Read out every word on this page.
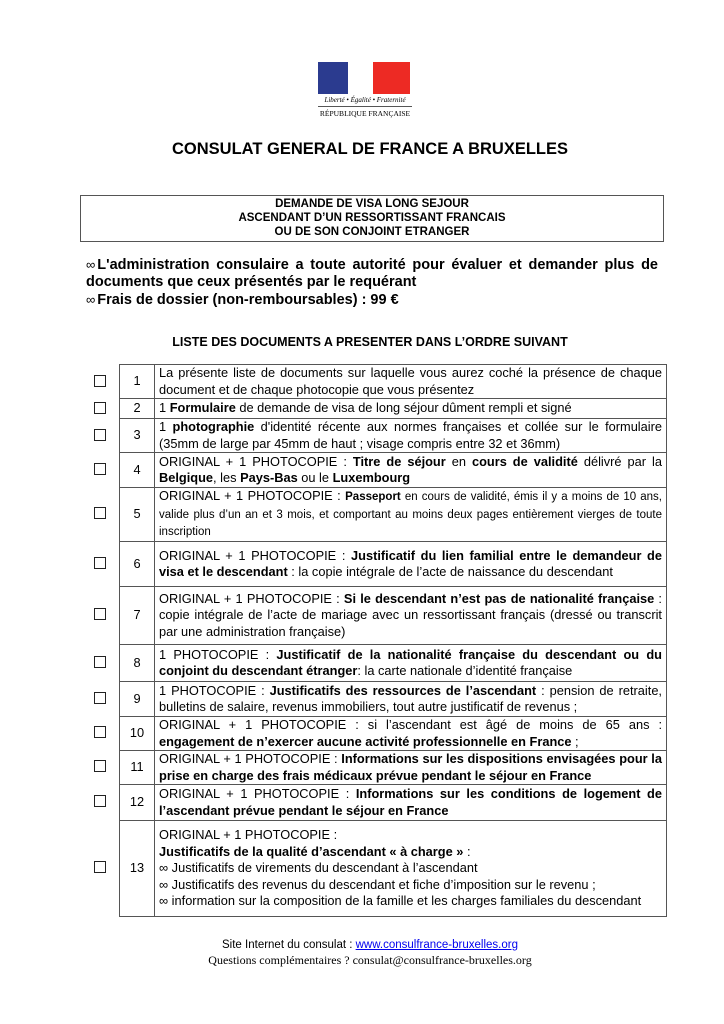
Liberté • Égalité • Fraternité
RÉPUBLIQUE FRANÇAISE
CONSULAT GENERAL DE FRANCE A BRUXELLES
DEMANDE DE VISA LONG SEJOUR
ASCENDANT D’UN RESSORTISSANT FRANCAIS
OU DE SON CONJOINT ETRANGER
∞ L'administration consulaire a toute autorité pour évaluer et demander plus de documents que ceux présentés par le requérant
∞ Frais de dossier (non-remboursables) : 99 €
LISTE DES DOCUMENTS A PRESENTER DANS L’ORDRE SUIVANT
1	La présente liste de documents sur laquelle vous aurez coché la présence de chaque document et de chaque photocopie que vous présentez
2	1 Formulaire de demande de visa de long séjour dûment rempli et signé
3	1 photographie d'identité récente aux normes françaises et collée sur le formulaire (35mm de large par 45mm de haut ; visage compris entre 32 et 36mm)
4	ORIGINAL + 1 PHOTOCOPIE : Titre de séjour en cours de validité délivré par la Belgique, les Pays-Bas ou le Luxembourg
5	ORIGINAL + 1 PHOTOCOPIE : Passeport en cours de validité, émis il y a moins de 10 ans, valide plus d’un an et 3 mois, et comportant au moins deux pages entièrement vierges de toute inscription
6	ORIGINAL + 1 PHOTOCOPIE : Justificatif du lien familial entre le demandeur de visa et le descendant : la copie intégrale de l’acte de naissance du descendant
7	ORIGINAL + 1 PHOTOCOPIE : Si le descendant n’est pas de nationalité française : copie intégrale de l’acte de mariage avec un ressortissant français (dressé ou transcrit par une administration française)
8	1 PHOTOCOPIE : Justificatif de la nationalité française du descendant ou du conjoint du descendant étranger: la carte nationale d’identité française
9	1 PHOTOCOPIE : Justificatifs des ressources de l’ascendant : pension de retraite, bulletins de salaire, revenus immobiliers, tout autre justificatif de revenus ;
10	ORIGINAL + 1 PHOTOCOPIE : si l’ascendant est âgé de moins de 65 ans : engagement de n’exercer aucune activité professionnelle en France ;
11	ORIGINAL + 1 PHOTOCOPIE : Informations sur les dispositions envisagées pour la prise en charge des frais médicaux prévue pendant le séjour en France
12	ORIGINAL + 1 PHOTOCOPIE : Informations sur les conditions de logement de l’ascendant prévue pendant le séjour en France
13	ORIGINAL + 1 PHOTOCOPIE :
Justificatifs de la qualité d’ascendant « à charge » :
∞ Justificatifs de virements du descendant à l’ascendant
∞ Justificatifs des revenus du descendant et fiche d’imposition sur le revenu ;
∞ information sur la composition de la famille et les charges familiales du descendant
Site Internet du consulat : www.consulfrance-bruxelles.org
Questions complémentaires ? consulat@consulfrance-bruxelles.org
